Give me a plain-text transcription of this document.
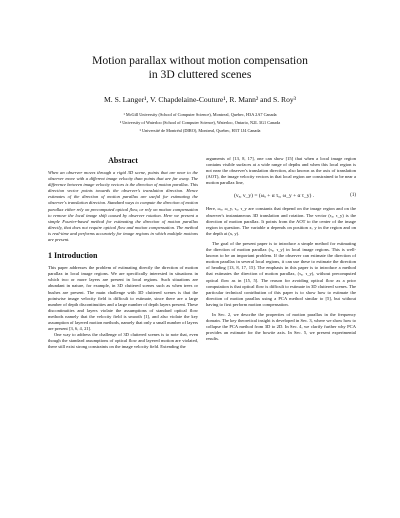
Motion parallax without motion compensation
in 3D cluttered scenes
M. S. Langer¹, V. Chapdelaine-Couture¹, R. Mann² and S. Roy³
¹ McGill University (School of Computer Science), Montreal, Quebec, H3A 2A7 Canada
² University of Waterloo (School of Computer Science), Waterloo, Ontario, N2L 3G1 Canada
³ Université de Montréal (DIRO), Montreal, Quebec, H3T 1J4 Canada
Abstract

When an observer moves through a rigid 3D scene, points that are near to the observer move with a different image velocity than points that are far away. The difference between image velocity vectors is the direction of motion parallax. This direction vector points towards the observer's translation direction. Hence estimates of the direction of motion parallax are useful for estimating the observer's translation direction. Standard ways to compute the direction of motion parallax either rely on precomputed optical flow, or rely on motion compensation to remove the local image shift caused by observer rotation. Here we present a simple Fourier-based method for estimating the direction of motion parallax directly, that does not require optical flow and motion compensation. The method is real-time and performs accurately for image regions in which multiple motions are present.

1 Introduction

This paper addresses the problem of estimating directly the direction of motion parallax in local image regions. We are specifically interested in situations in which two or more layers are present in local regions. Such situations are abundant in nature, for example, in 3D cluttered scenes such as when trees or bushes are present. The main challenge with 3D cluttered scenes is that the pointwise image velocity field is difficult to estimate, since there are a large number of depth discontinuities and a large number of depth layers present. These discontinuities and layers violate the assumptions of standard optical flow methods namely that the velocity field is smooth [1], and also violate the key assumption of layered motion methods, namely that only a small number of layers are present [3, 6, 4, 21].

One way to address the challenge of 3D cluttered scenes is to note that, even though the standard assumptions of optical flow and layered motion are violated, there still exist strong constraints on the image velocity field. Extending the

arguments of [13, 8, 17], one can show [15] that when a local image region contains visible surfaces at a wide range of depths and when this local region is not near the observer's translation direction, also known as the axis of translation (AOT), the image velocity vectors in that local region are constrained to be near a motion parallax line,

(vₓ, v_y) = (ωₓ + α τₓ, ω_y + α τ_y) .	(1)

Here, ωₓ, ω_y, τₓ, τ_y are constants that depend on the image region and on the observer's instantaneous 3D translation and rotation. The vector (τₓ, τ_y) is the direction of motion parallax. It points from the AOT to the center of the image region in question. The variable α depends on position x, y in the region and on the depth at (x, y).

The goal of the present paper is to introduce a simple method for estimating the direction of motion parallax (τₓ, τ_y) in local image regions. This is well-known to be an important problem. If the observer can estimate the direction of motion parallax in several local regions, it can use these to estimate the direction of heading [13, 8, 17, 15]. The emphasis in this paper is to introduce a method that estimates the direction of motion parallax, (τₓ, τ_y), without precomputed optical flow as in [15, 5]. The reason for avoiding optical flow as a prior computation is that optical flow is difficult to estimate in 3D cluttered scenes. The particular technical contribution of this paper is to show how to estimate the direction of motion parallax using a PCA method similar to [5], but without having to first perform motion compensation.

In Sec. 2, we describe the properties of motion parallax in the frequency domain. The key theoretical insight is developed in Sec. 3, where we show how to collapse the PCA method from 3D to 2D. In Sec. 4, we clarify further why PCA provides an estimate for the bowtie axis. In Sec. 5, we present experimental results.
